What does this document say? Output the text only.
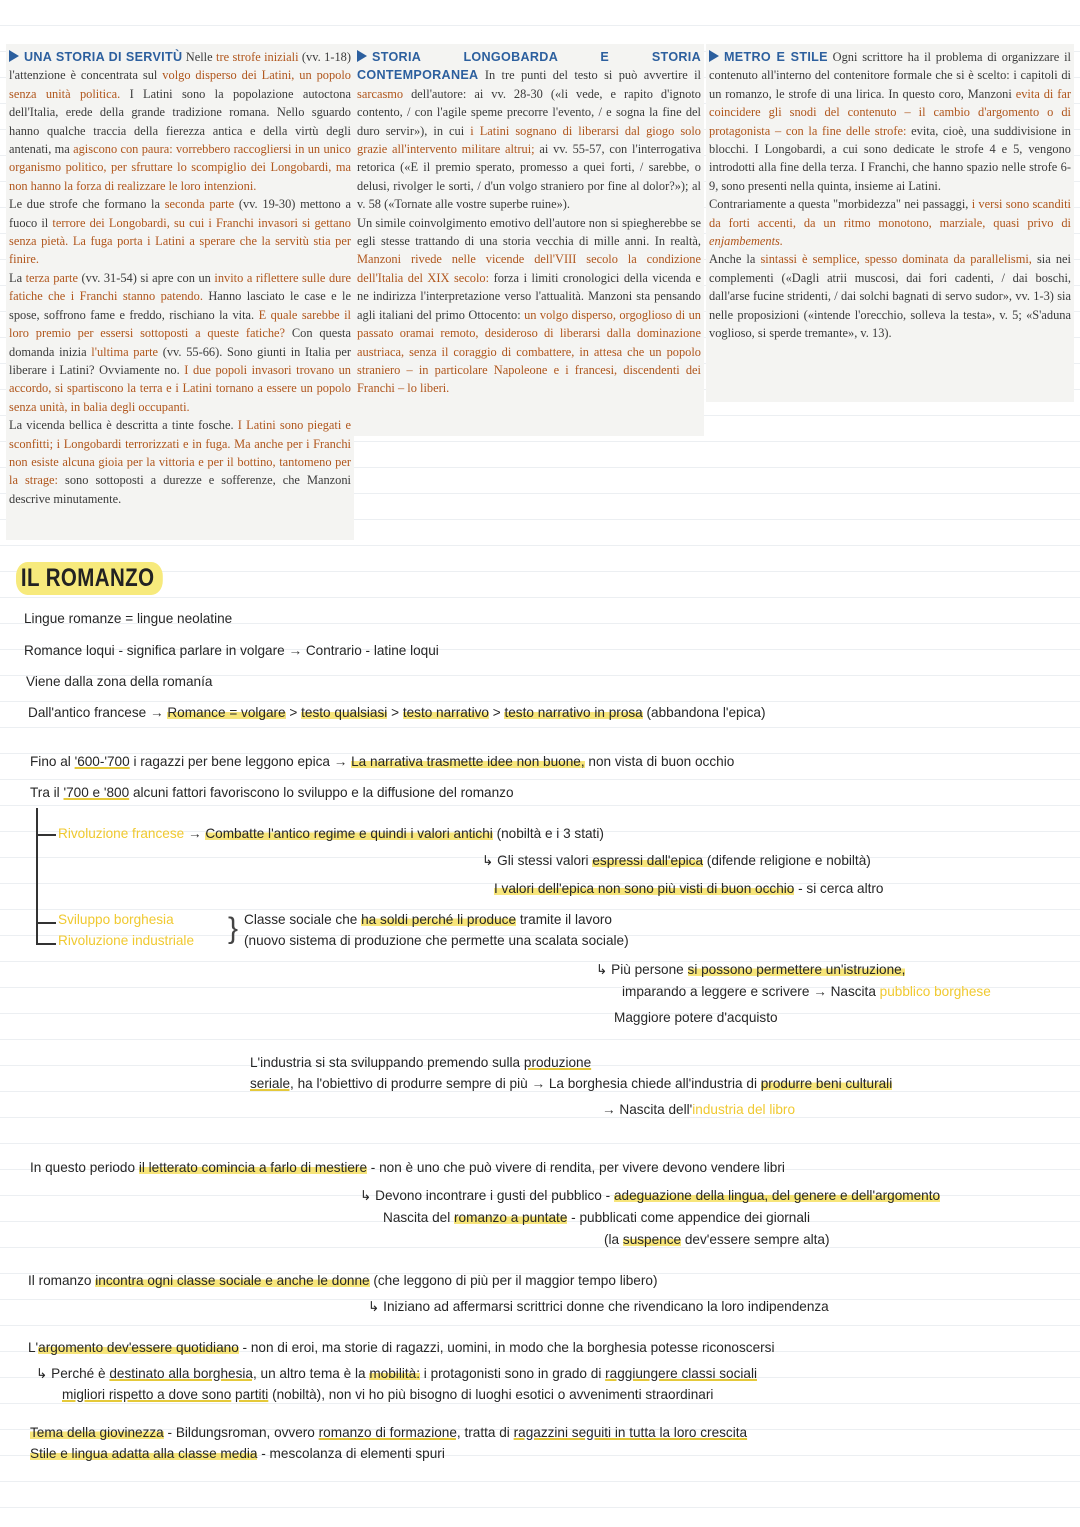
UNA STORIA DI SERVITÙ Nelle tre strofe iniziali (vv. 1-18) l'attenzione è concentrata sul volgo disperso dei Latini, un popolo senza unità politica. I Latini sono la popolazione autoctona dell'Italia, erede della grande tradizione romana. Nello sguardo hanno qualche traccia della fierezza antica e della virtù degli antenati, ma agiscono con paura: vorrebbero raccogliersi in un unico organismo politico, per sfruttare lo scompiglio dei Longobardi, ma non hanno la forza di realizzare le loro intenzioni.

Le due strofe che formano la seconda parte (vv. 19-30) mettono a fuoco il terrore dei Longobardi, su cui i Franchi invasori si gettano senza pietà. La fuga porta i Latini a sperare che la servitù stia per finire.

La terza parte (vv. 31-54) si apre con un invito a riflettere sulle dure fatiche che i Franchi stanno patendo. Hanno lasciato le case e le spose, soffrono fame e freddo, rischiano la vita. E quale sarebbe il loro premio per essersi sottoposti a queste fatiche? Con questa domanda inizia l'ultima parte (vv. 55-66). Sono giunti in Italia per liberare i Latini? Ovviamente no. I due popoli invasori trovano un accordo, si spartiscono la terra e i Latini tornano a essere un popolo senza unità, in balia degli occupanti.

La vicenda bellica è descritta a tinte fosche. I Latini sono piegati e sconfitti; i Longobardi terrorizzati e in fuga. Ma anche per i Franchi non esiste alcuna gioia per la vittoria e per il bottino, tantomeno per la strage: sono sottoposti a durezze e sofferenze, che Manzoni descrive minutamente.

STORIA LONGOBARDA E STORIA CONTEMPORANEA In tre punti del testo si può avvertire il sarcasmo dell'autore: ai vv. 28-30 («li vede, e rapito d'ignoto contento, / con l'agile speme precorre l'evento, / e sogna la fine del duro servir»), in cui i Latini sognano di liberarsi dal giogo solo grazie all'intervento militare altrui; ai vv. 55-57, con l'interrogativa retorica («E il premio sperato, promesso a quei forti, / sarebbe, o delusi, rivolger le sorti, / d'un volgo straniero por fine al dolor?»); al v. 58 («Tornate alle vostre superbe ruine»).

Un simile coinvolgimento emotivo dell'autore non si spiegherebbe se egli stesse trattando di una storia vecchia di mille anni. In realtà, Manzoni rivede nelle vicende dell'VIII secolo la condizione dell'Italia del XIX secolo: forza i limiti cronologici della vicenda e ne indirizza l'interpretazione verso l'attualità. Manzoni sta pensando agli italiani del primo Ottocento: un volgo disperso, orgoglioso di un passato oramai remoto, desideroso di liberarsi dalla dominazione austriaca, senza il coraggio di combattere, in attesa che un popolo straniero – in particolare Napoleone e i francesi, discendenti dei Franchi – lo liberi.

METRO E STILE Ogni scrittore ha il problema di organizzare il contenuto all'interno del contenitore formale che si è scelto: i capitoli di un romanzo, le strofe di una lirica. In questo coro, Manzoni evita di far coincidere gli snodi del contenuto – il cambio d'argomento o di protagonista – con la fine delle strofe: evita, cioè, una suddivisione in blocchi. I Longobardi, a cui sono dedicate le strofe 4 e 5, vengono introdotti alla fine della terza. I Franchi, che hanno spazio nelle strofe 6-9, sono presenti nella quinta, insieme ai Latini.

Contrariamente a questa "morbidezza" nei passaggi, i versi sono scanditi da forti accenti, da un ritmo monotono, marziale, quasi privo di enjambements.

Anche la sintassi è semplice, spesso dominata da parallelismi, sia nei complementi («Dagli atrii muscosi, dai fori cadenti, / dai boschi, dall'arse fucine stridenti, / dai solchi bagnati di servo sudor», vv. 1-3) sia nelle proposizioni («intende l'orecchio, solleva la testa», v. 5; «S'aduna voglioso, si sperde tremante», v. 13).

IL ROMANZO
Lingue romanze = lingue neolatine
Romance loqui - significa parlare in volgare → Contrario - latine loqui
Viene dalla zona della romanía
Dall'antico francese → Romance = volgare > testo qualsiasi > testo narrativo > testo narrativo in prosa (abbandona l'epica)
Fino al '600-'700 i ragazzi per bene leggono epica → La narrativa trasmette idee non buone, non vista di buon occhio
Tra il '700 e '800 alcuni fattori favoriscono lo sviluppo e la diffusione del romanzo
Rivoluzione francese → Combatte l'antico regime e quindi i valori antichi (nobiltà e i 3 stati)
↳ Gli stessi valori espressi dall'epica (difende religione e nobiltà)
I valori dell'epica non sono più visti di buon occhio - si cerca altro
Sviluppo borghesia
Rivoluzione industriale } Classe sociale che ha soldi perché li produce tramite il lavoro
(nuovo sistema di produzione che permette una scalata sociale)
↳ Più persone si possono permettere un'istruzione,
imparando a leggere e scrivere → Nascita pubblico borghese
Maggiore potere d'acquisto
L'industria si sta sviluppando premendo sulla produzione
seriale, ha l'obiettivo di produrre sempre di più → La borghesia chiede all'industria di produrre beni culturali
→ Nascita dell'industria del libro
In questo periodo il letterato comincia a farlo di mestiere - non è uno che può vivere di rendita, per vivere devono vendere libri
↳ Devono incontrare i gusti del pubblico - adeguazione della lingua, del genere e dell'argomento
Nascita del romanzo a puntate - pubblicati come appendice dei giornali
(la suspence dev'essere sempre alta)
Il romanzo incontra ogni classe sociale e anche le donne (che leggono di più per il maggior tempo libero)
↳ Iniziano ad affermarsi scrittrici donne che rivendicano la loro indipendenza
L'argomento dev'essere quotidiano - non di eroi, ma storie di ragazzi, uomini, in modo che la borghesia potesse riconoscersi
↳ Perché è destinato alla borghesia, un altro tema è la mobilità: i protagonisti sono in grado di raggiungere classi sociali
migliori rispetto a dove sono partiti (nobiltà), non vi ho più bisogno di luoghi esotici o avvenimenti straordinari
Tema della giovinezza - Bildungsroman, ovvero romanzo di formazione, tratta di ragazzini seguiti in tutta la loro crescita
Stile e lingua adatta alla classe media - mescolanza di elementi spuri
